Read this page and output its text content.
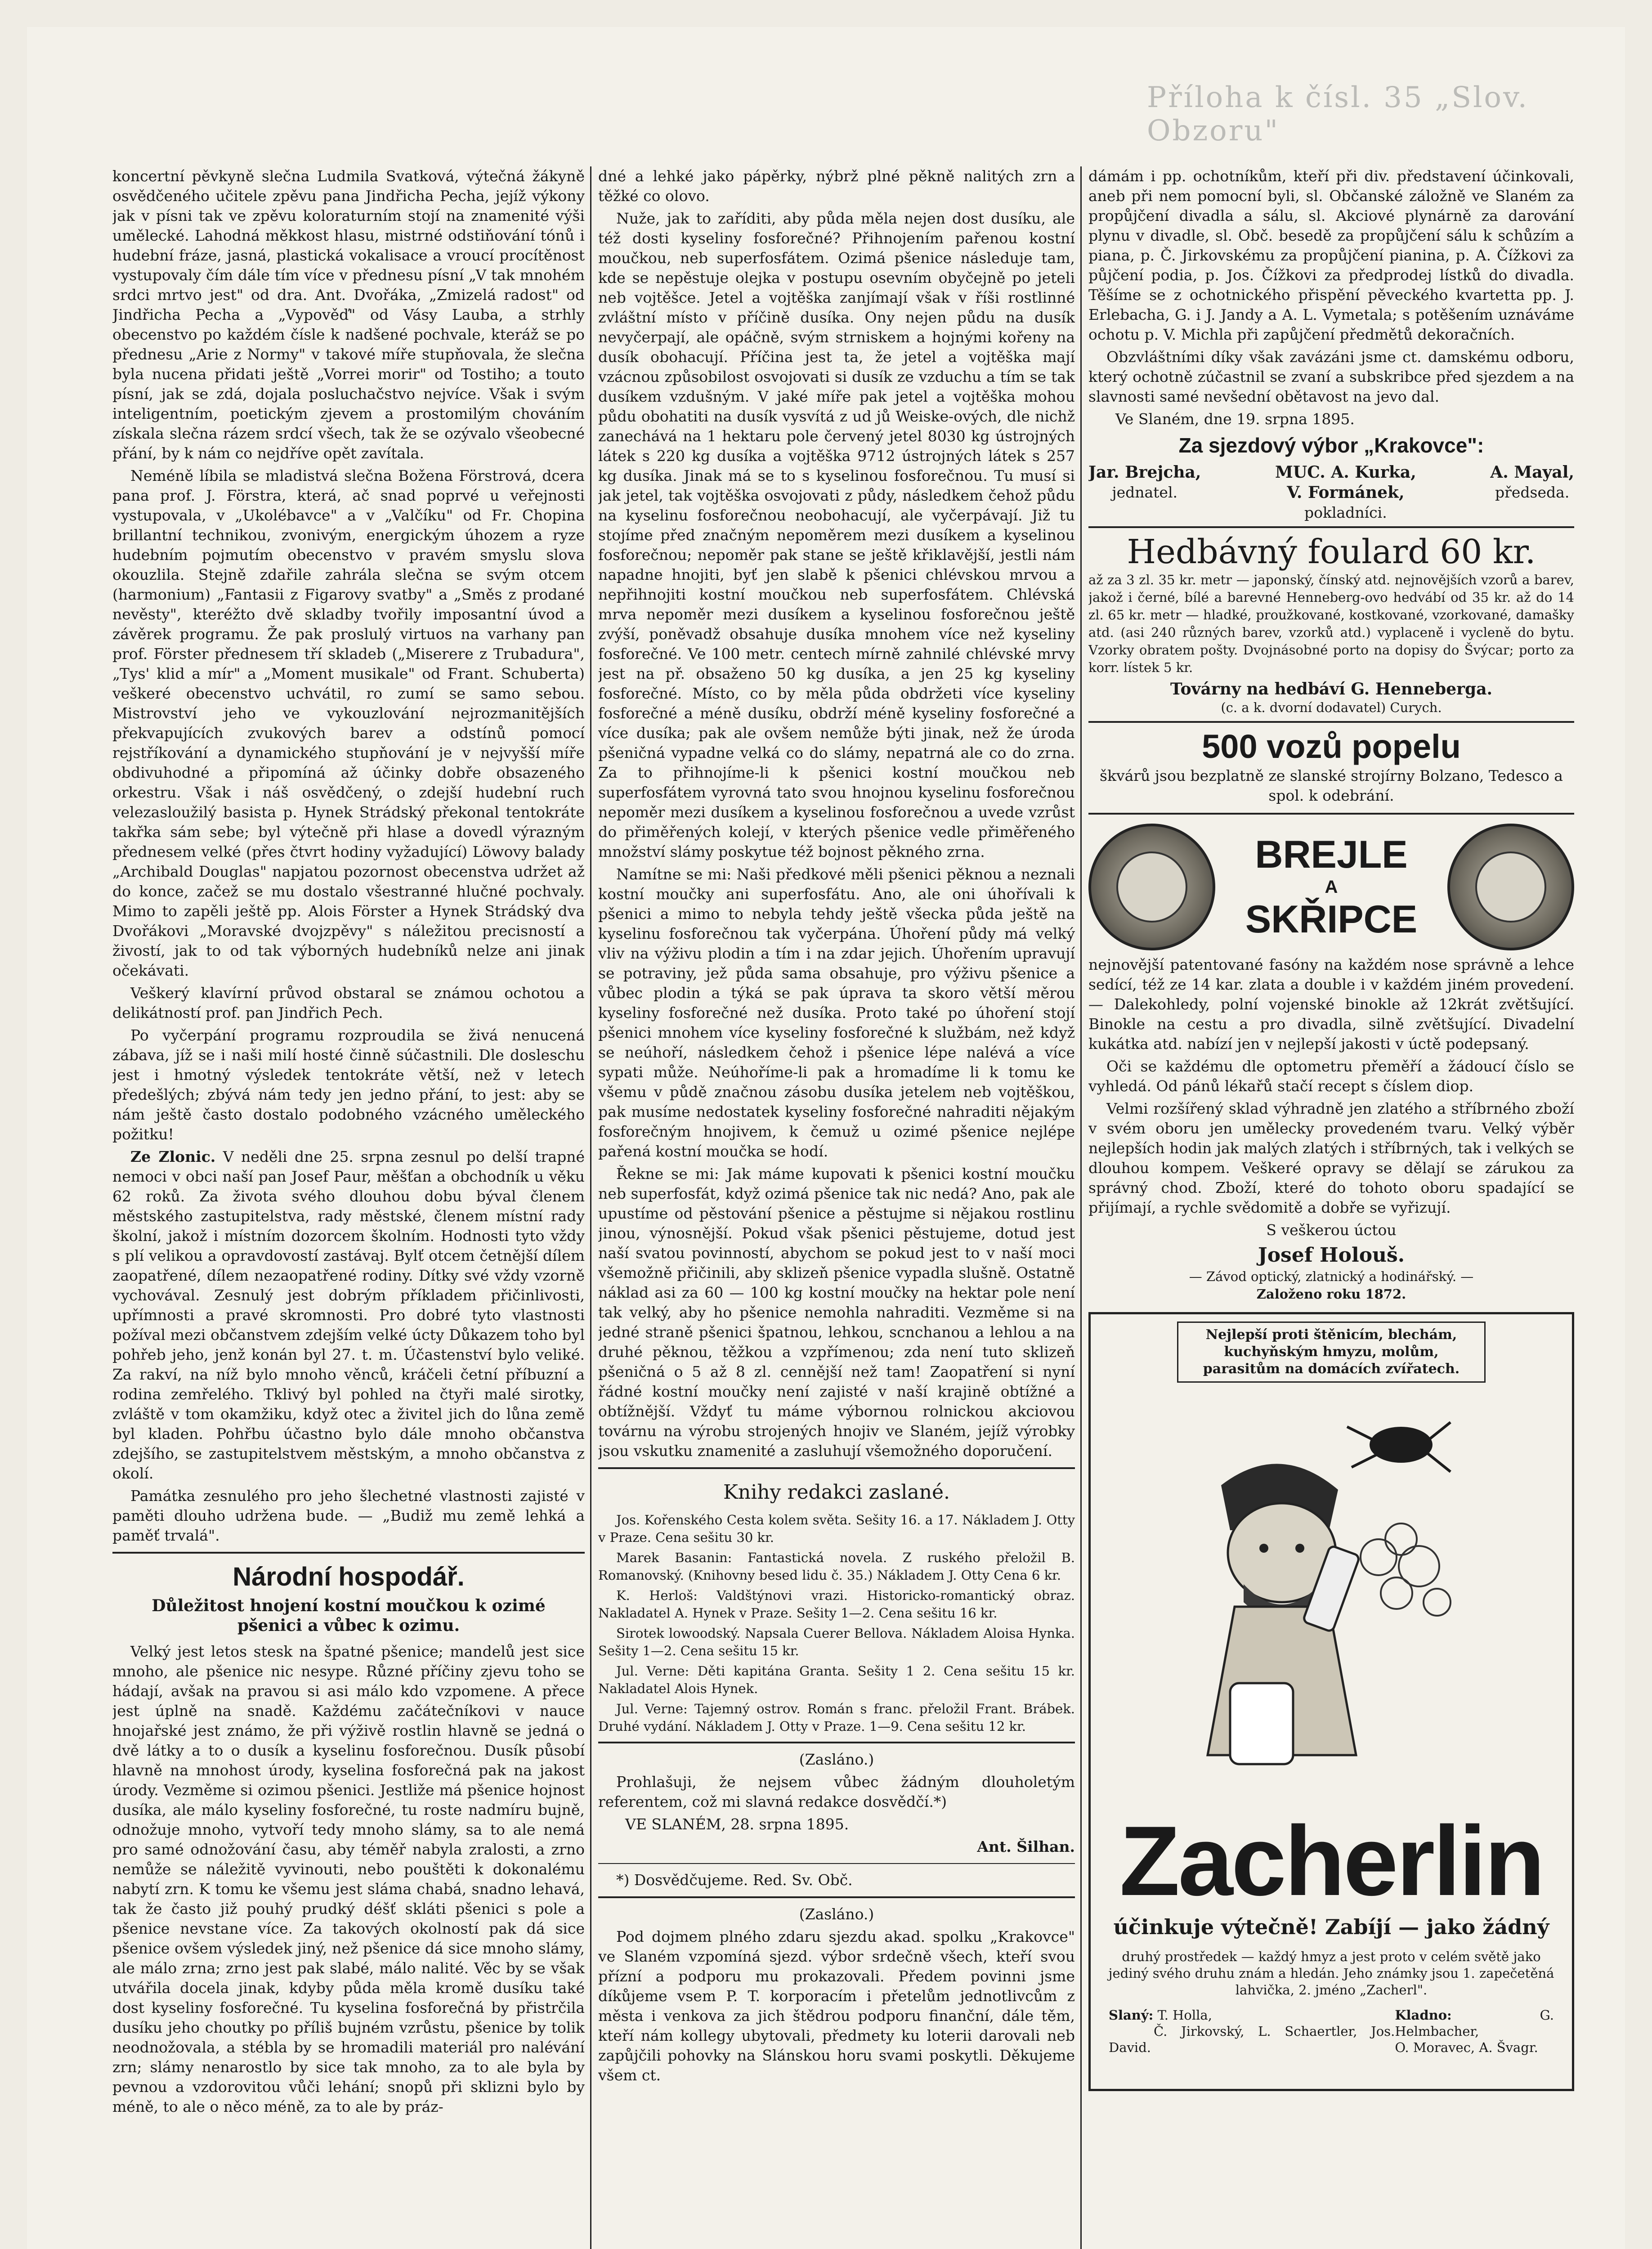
Příloha k čísl. 35 „Slov. Obzoru"

koncertní pěvkyně slečna Ludmila Svatková, výtečná žákyně osvědčeného učitele zpěvu pana Jindřicha Pecha, jejíž výkony jak v písni tak ve zpěvu koloraturním stojí na znamenité výši umělecké. Lahodná měkkost hlasu, mistrné odstiňování tónů i hudební fráze, jasná, plastická vokalisace a vroucí procítěnost vystupovaly čím dále tím více v přednesu písní „V tak mnohém srdci mrtvo jest" od dra. Ant. Dvořáka, „Zmizelá radost" od Jindřicha Pecha a „Vypověď" od Vásy Lauba, a strhly obecenstvo po každém čísle k nadšené pochvale, kteráž se po přednesu „Arie z Normy" v takové míře stupňovala, že slečna byla nucena přidati ještě „Vorrei morir" od Tostiho; a touto písní, jak se zdá, dojala posluchačstvo nejvíce. Však i svým inteligentním, poetickým zjevem a prostomilým chováním získala slečna rázem srdcí všech, tak že se ozývalo všeobecné přání, by k nám co nejdříve opět zavítala.

Neméně líbila se mladistvá slečna Božena Förstrová, dcera pana prof. J. Förstra, která, ač snad poprvé u veřejnosti vystupovala, v „Ukolébavce" a v „Valčíku" od Fr. Chopina brillantní technikou, zvonivým, energickým úhozem a ryze hudebním pojmutím obecenstvo v pravém smyslu slova okouzlila. Stejně zdařile zahrála slečna se svým otcem (harmonium) „Fantasii z Figarovy svatby" a „Směs z prodané nevěsty", kteréžto dvě skladby tvořily imposantní úvod a závěrek programu. Že pak proslulý virtuos na varhany pan prof. Förster přednesem tří skladeb („Miserere z Trubadura", „Tys' klid a mír" a „Moment musikale" od Frant. Schuberta) veškeré obecenstvo uchvátil, ro zumí se samo sebou. Mistrovství jeho ve vykouzlování nejrozmanitějších překvapujících zvukových barev a odstínů pomocí rejstříkování a dynamického stupňování je v nejvyšší míře obdivuhodné a připomíná až účinky dobře obsazeného orkestru. Však i náš osvědčený, o zdejší hudební ruch velezasloužilý basista p. Hynek Strádský překonal tentokráte takřka sám sebe; byl výtečně při hlase a dovedl výrazným přednesem velké (přes čtvrt hodiny vyžadující) Löwovy balady „Archibald Douglas" napjatou pozornost obecenstva udržet až do konce, začež se mu dostalo všestranné hlučné pochvaly. Mimo to zapěli ještě pp. Alois Förster a Hynek Strádský dva Dvořákovi „Moravské dvojzpěvy" s náležitou precisností a živostí, jak to od tak výborných hudebníků nelze ani jinak očekávati.

Veškerý klavírní průvod obstaral se známou ochotou a delikátností prof. pan Jindřich Pech.

Po vyčerpání programu rozproudila se živá nenucená zábava, jíž se i naši milí hosté činně súčastnili. Dle dosleschu jest i hmotný výsledek tentokráte větší, než v letech předešlých; zbývá nám tedy jen jedno přání, to jest: aby se nám ještě často dostalo podobného vzácného uměleckého požitku!

Ze Zlonic. V neděli dne 25. srpna zesnul po delší trapné nemoci v obci naší pan Josef Paur, měšťan a obchodník u věku 62 roků. Za života svého dlouhou dobu býval členem městského zastupitelstva, rady městské, členem místní rady školní, jakož i místním dozorcem školním. Hodnosti tyto vždy s plí velikou a opravdovostí zastávaj. Bylť otcem četnější dílem zaopatřené, dílem nezaopatřené rodiny. Dítky své vždy vzorně vychovával. Zesnulý jest dobrým příkladem přičinlivosti, upřímnosti a pravé skromnosti. Pro dobré tyto vlastnosti požíval mezi občanstvem zdejším velké úcty Důkazem toho byl pohřeb jeho, jenž konán byl 27. t. m. Účastenství bylo veliké. Za rakví, na níž bylo mnoho věnců, kráčeli četní příbuzní a rodina zemřelého. Tklivý byl pohled na čtyři malé sirotky, zvláště v tom okamžiku, když otec a živitel jich do lůna země byl kladen. Pohřbu účastno bylo dále mnoho občanstva zdejšího, se zastupitelstvem městským, a mnoho občanstva z okolí.

Památka zesnulého pro jeho šlechetné vlastnosti zajisté v paměti dlouho udržena bude. — „Budiž mu země lehká a paměť trvalá".

Národní hospodář.
Důležitost hnojení kostní moučkou k ozimé pšenici a vůbec k ozimu.

Velký jest letos stesk na špatné pšenice; mandelů jest sice mnoho, ale pšenice nic nesype. Různé příčiny zjevu toho se hádají, avšak na pravou si asi málo kdo vzpomene. A přece jest úplně na snadě. Každému začátečníkovi v nauce hnojařské jest známo, že při výživě rostlin hlavně se jedná o dvě látky a to o dusík a kyselinu fosforečnou. Dusík působí hlavně na mnohost úrody, kyselina fosforečná pak na jakost úrody. Vezměme si ozimou pšenici. Jestliže má pšenice hojnost dusíka, ale málo kyseliny fosforečné, tu roste nadmíru bujně, odnožuje mnoho, vytvoří tedy mnoho slámy, sa to ale nemá pro samé odnožování času, aby téměř nabyla zralosti, a zrno nemůže se náležitě vyvinouti, nebo pouštěti k dokonalému nabytí zrn. K tomu ke všemu jest sláma chabá, snadno lehavá, tak že často již pouhý prudký déšť skláti pšenici s pole a pšenice nevstane více. Za takových okolností pak dá sice pšenice ovšem výsledek jiný, než pšenice dá sice mnoho slámy, ale málo zrna; zrno jest pak slabé, málo nalité. Věc by se však utvářila docela jinak, kdyby půda měla kromě dusíku také dost kyseliny fosforečné. Tu kyselina fosforečná by přistrčila dusíku jeho choutky po příliš bujném vzrůstu, pšenice by tolik neodnožovala, a stébla by se hromadili materiál pro nalévání zrn; slámy nenarostlo by sice tak mnoho, za to ale byla by pevnou a vzdorovitou vůči lehání; snopů při sklizni bylo by méně, to ale o něco méně, za to ale by práz-

dné a lehké jako pápěrky, nýbrž plné pěkně nalitých zrn a těžké co olovo.

Nuže, jak to zaříditi, aby půda měla nejen dost dusíku, ale též dosti kyseliny fosforečné? Přihnojením pařenou kostní moučkou, neb superfosfátem. Ozimá pšenice následuje tam, kde se nepěstuje olejka v postupu osevním obyčejně po jeteli neb vojtěšce. Jetel a vojtěška zanjímají však v říši rostlinné zvláštní místo v příčině dusíka. Ony nejen půdu na dusík nevyčerpají, ale opáčně, svým strniskem a hojnými kořeny na dusík obohacují. Příčina jest ta, že jetel a vojtěška mají vzácnou způsobilost osvojovati si dusík ze vzduchu a tím se tak dusíkem vzdušným. V jaké míře pak jetel a vojtěška mohou půdu obohatiti na dusík vysvítá z ud jů Weiske-ových, dle nichž zanechává na 1 hektaru pole červený jetel 8030 kg ústrojných látek s 220 kg dusíka a vojtěška 9712 ústrojných látek s 257 kg dusíka. Jinak má se to s kyselinou fosforečnou. Tu musí si jak jetel, tak vojtěška osvojovati z půdy, následkem čehož půdu na kyselinu fosforečnou neobohacují, ale vyčerpávají. Již tu stojíme před značným nepoměrem mezi dusíkem a kyselinou fosforečnou; nepoměr pak stane se ještě křiklavější, jestli nám napadne hnojiti, byť jen slabě k pšenici chlévskou mrvou a nepřihnojiti kostní moučkou neb superfosfátem. Chlévská mrva nepoměr mezi dusíkem a kyselinou fosforečnou ještě zvýší, poněvadž obsahuje dusíka mnohem více než kyseliny fosforečné. Ve 100 metr. centech mírně zahnilé chlévské mrvy jest na př. obsaženo 50 kg dusíka, a jen 25 kg kyseliny fosforečné. Místo, co by měla půda obdržeti více kyseliny fosforečné a méně dusíku, obdrží méně kyseliny fosforečné a více dusíka; pak ale ovšem nemůže býti jinak, než že úroda pšeničná vypadne velká co do slámy, nepatrná ale co do zrna. Za to přihnojíme-li k pšenici kostní moučkou neb superfosfátem vyrovná tato svou hnojnou kyselinu fosforečnou nepoměr mezi dusíkem a kyselinou fosforečnou a uvede vzrůst do přiměřených kolejí, v kterých pšenice vedle přiměřeného množství slámy poskytue též bojnost pěkného zrna.

Namítne se mi: Naši předkové měli pšenici pěknou a neznali kostní moučky ani superfosfátu. Ano, ale oni úhořívali k pšenici a mimo to nebyla tehdy ještě všecka půda ještě na kyselinu fosforečnou tak vyčerpána. Úhoření půdy má velký vliv na výživu plodin a tím i na zdar jejich. Úhořením upravují se potraviny, jež půda sama obsahuje, pro výživu pšenice a vůbec plodin a týká se pak úprava ta skoro větší měrou kyseliny fosforečné než dusíka. Proto také po úhoření stojí pšenici mnohem více kyseliny fosforečné k službám, než když se neúhoří, následkem čehož i pšenice lépe nalévá a více sypati může. Neúhoříme-li pak a hromadíme li k tomu ke všemu v půdě značnou zásobu dusíka jetelem neb vojtěškou, pak musíme nedostatek kyseliny fosforečné nahraditi nějakým fosforečným hnojivem, k čemuž u ozimé pšenice nejlépe pařená kostní moučka se hodí.

Řekne se mi: Jak máme kupovati k pšenici kostní moučku neb superfosfát, když ozimá pšenice tak nic nedá? Ano, pak ale upustíme od pěstování pšenice a pěstujme si nějakou rostlinu jinou, výnosnější. Pokud však pšenici pěstujeme, dotud jest naší svatou povinností, abychom se pokud jest to v naší moci všemožně přičinili, aby sklizeň pšenice vypadla slušně. Ostatně náklad asi za 60 — 100 kg kostní moučky na hektar pole není tak velký, aby ho pšenice nemohla nahraditi. Vezměme si na jedné straně pšenici špatnou, lehkou, scnchanou a lehlou a na druhé pěknou, těžkou a vzpřímenou; zda není tuto sklizeň pšeničná o 5 až 8 zl. cennější než tam! Zaopatření si nyní řádné kostní moučky není zajisté v naší krajině obtížné a obtížnější. Vždyť tu máme výbornou rolnickou akciovou továrnu na výrobu strojených hnojiv ve Slaném, jejíž výrobky jsou vskutku znamenité a zasluhují všemožného doporučení.

Knihy redakci zaslané.

Jos. Kořenského Cesta kolem světa. Sešity 16. a 17. Nákladem J. Otty v Praze. Cena sešitu 30 kr.

Marek Basanin: Fantastická novela. Z ruského přeložil B. Romanovský. (Knihovny besed lidu č. 35.) Nákladem J. Otty Cena 6 kr.

K. Herloš: Valdštýnovi vrazi. Historicko-romantický obraz. Nakladatel A. Hynek v Praze. Sešity 1—2. Cena sešitu 16 kr.

Sirotek lowoodský. Napsala Cuerer Bellova. Nákladem Aloisa Hynka. Sešity 1—2. Cena sešitu 15 kr.

Jul. Verne: Děti kapitána Granta. Sešity 1 2. Cena sešitu 15 kr. Nakladatel Alois Hynek.

Jul. Verne: Tajemný ostrov. Román s franc. přeložil Frant. Brábek. Druhé vydání. Nákladem J. Otty v Praze. 1—9. Cena sešitu 12 kr.

(Zasláno.)

Prohlašuji, že nejsem vůbec žádným dlouholetým referentem, což mi slavná redakce dosvědčí.*)

VE SLANÉM, 28. srpna 1895.

Ant. Šilhan.

*) Dosvědčujeme. Red. Sv. Obč.

(Zasláno.)

Pod dojmem plného zdaru sjezdu akad. spolku „Krakovce" ve Slaném vzpomíná sjezd. výbor srdečně všech, kteří svou přízní a podporu mu prokazovali. Předem povinni jsme díkůjeme vsem P. T. korporacím i přetelům jednotlivcům z města i venkova za jich štědrou podporu finanční, dále těm, kteří nám kollegy ubytovali, předmety ku loterii darovali neb zapůjčili pohovky na Slánskou horu svami poskytli. Děkujeme všem ct.

dámám i pp. ochotníkům, kteří při div. představení účinkovali, aneb při nem pomocní byli, sl. Občanské záložně ve Slaném za propůjčení divadla a sálu, sl. Akciové plynárně za darování plynu v divadle, sl. Obč. besedě za propůjčení sálu k schůzím a piana, p. Č. Jirkovskému za propůjčení pianina, p. A. Čížkovi za půjčení podia, p. Jos. Čížkovi za předprodej lístků do divadla. Těšíme se z ochotnického přispění pěveckého kvartetta pp. J. Erlebacha, G. i J. Jandy a A. L. Vymetala; s potěšením uznáváme ochotu p. V. Michla při zapůjčení předmětů dekoračních.

Obzvláštními díky však zavázáni jsme ct. damskému odboru, který ochotně zúčastnil se zvaní a subskribce před sjezdem a na slavnosti samé nevšední obětavost na jevo dal.

Ve Slaném, dne 19. srpna 1895.

Za sjezdový výbor „Krakovce":
Jar. Brejcha,
jednatel.
MUC. A. Kurka,
V. Formánek,
pokladníci.
A. Mayal,
předseda.
Hedbávný foulard 60 kr.

až za 3 zl. 35 kr. metr — japonský, čínský atd. nejnovějších vzorů a barev, jakož i černé, bílé a barevné Henneberg-ovo hedvábí od 35 kr. až do 14 zl. 65 kr. metr — hladké, proužkované, kostkované, vzorkované, damašky atd. (asi 240 různých barev, vzorků atd.) vyplaceně i vycleně do bytu. Vzorky obratem pošty. Dvojnásobné porto na dopisy do Švýcar; porto za korr. lístek 5 kr.

Továrny na hedbáví G. Henneberga.
(c. a k. dvorní dodavatel) Curych.
500 vozů popelu

škvárů jsou bezplatně ze slanské strojírny Bolzano, Tedesco a spol. k odebrání.

BREJLE
A
SKŘIPCE

nejnovější patentované fasóny na každém nose správně a lehce sedící, též ze 14 kar. zlata a double i v každém jiném provedení. — Dalekohledy, polní vojenské binokle až 12krát zvětšující. Binokle na cestu a pro divadla, silně zvětšující. Divadelní kukátka atd. nabízí jen v nejlepší jakosti v úctě podepsaný.

Oči se každému dle optometru přeměří a žádoucí číslo se vyhledá. Od pánů lékařů stačí recept s číslem diop.

Velmi rozšířený sklad výhradně jen zlatého a stříbrného zboží v svém oboru jen umělecky provedeném tvaru. Velký výběr nejlepších hodin jak malých zlatých i stříbrných, tak i velkých se dlouhou kompem. Veškeré opravy se dělají se zárukou za správný chod. Zboží, které do tohoto oboru spadající se přijímají, a rychle svědomitě a dobře se vyřizují.

S veškerou úctou

Josef Holouš.
— Závod optický, zlatnický a hodinářský. —
Založeno roku 1872.
Nejlepší proti štěnicím, blechám, kuchyňským hmyzu, molům, parasitům na domácích zvířatech.
Zacherlin
účinkuje výtečně! Zabíjí — jako žádný
druhý prostředek — každý hmyz a jest proto v celém světě jako jediný svého druhu znám a hledán. Jeho známky jsou 1. zapečetěná lahvička, 2. jméno „Zacherl".
Slaný: T. Holla,
Č. Jirkovský, L. Schaertler, Jos. David.
Kladno:	G. Helmbacher,
O. Moravec, A. Švagr.
